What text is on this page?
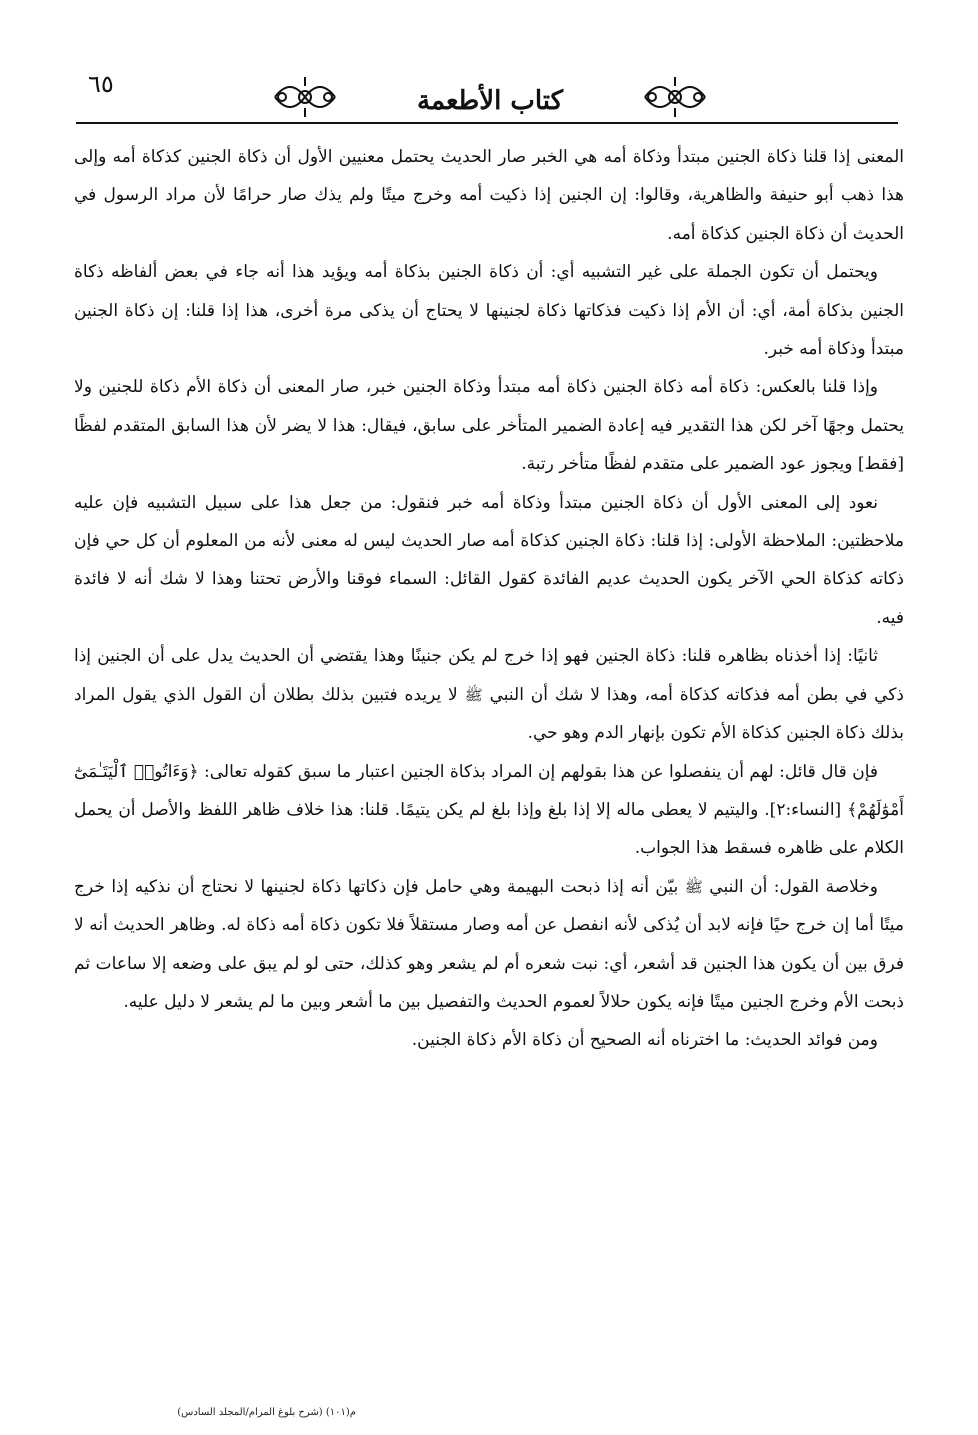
٦٥
كتاب الأطعمة

المعنى إذا قلنا ذكاة الجنين مبتدأ وذكاة أمه هي الخبر صار الحديث يحتمل معنيين الأول أن ذكاة الجنين كذكاة أمه وإلى هذا ذهب أبو حنيفة والظاهرية، وقالوا: إن الجنين إذا ذكيت أمه وخرج ميتًا ولم يذك صار حرامًا لأن مراد الرسول في الحديث أن ذكاة الجنين كذكاة أمه.

ويحتمل أن تكون الجملة على غير التشبيه أي: أن ذكاة الجنين بذكاة أمه ويؤيد هذا أنه جاء في بعض ألفاظه ذكاة الجنين بذكاة أمة، أي: أن الأم إذا ذكيت فذكاتها ذكاة لجنينها لا يحتاج أن يذكى مرة أخرى، هذا إذا قلنا: إن ذكاة الجنين مبتدأ وذكاة أمه خبر.

وإذا قلنا بالعكس: ذكاة أمه ذكاة الجنين ذكاة أمه مبتدأ وذكاة الجنين خبر، صار المعنى أن ذكاة الأم ذكاة للجنين ولا يحتمل وجهًا آخر لكن هذا التقدير فيه إعادة الضمير المتأخر على سابق، فيقال: هذا لا يضر لأن هذا السابق المتقدم لفظًا [فقط] ويجوز عود الضمير على متقدم لفظًا متأخر رتبة.

نعود إلى المعنى الأول أن ذكاة الجنين مبتدأ وذكاة أمه خبر فنقول: من جعل هذا على سبيل التشبيه فإن عليه ملاحظتين: الملاحظة الأولى: إذا قلنا: ذكاة الجنين كذكاة أمه صار الحديث ليس له معنى لأنه من المعلوم أن كل حي فإن ذكاته كذكاة الحي الآخر يكون الحديث عديم الفائدة كقول القائل: السماء فوقنا والأرض تحتنا وهذا لا شك أنه لا فائدة فيه.

ثانيًا: إذا أخذناه بظاهره قلنا: ذكاة الجنين فهو إذا خرج لم يكن جنينًا وهذا يقتضي أن الحديث يدل على أن الجنين إذا ذكي في بطن أمه فذكاته كذكاة أمه، وهذا لا شك أن النبي ﷺ لا يريده فتبين بذلك بطلان أن القول الذي يقول المراد بذلك ذكاة الجنين كذكاة الأم تكون بإنهار الدم وهو حي.

فإن قال قائل: لهم أن ينفصلوا عن هذا بقولهم إن المراد بذكاة الجنين اعتبار ما سبق كقوله تعالى: ﴿وَءَاتُوا۟ ٱلْيَتَـٰمَىٰٓ أَمْوَٰلَهُمْ﴾ [النساء:٢]. واليتيم لا يعطى ماله إلا إذا بلغ وإذا بلغ لم يكن يتيمًا. قلنا: هذا خلاف ظاهر اللفظ والأصل أن يحمل الكلام على ظاهره فسقط هذا الجواب.

وخلاصة القول: أن النبي ﷺ بيّن أنه إذا ذبحت البهيمة وهي حامل فإن ذكاتها ذكاة لجنينها لا نحتاج أن نذكيه إذا خرج ميتًا أما إن خرج حيًا فإنه لابد أن يُذكى لأنه انفصل عن أمه وصار مستقلاً فلا تكون ذكاة أمه ذكاة له. وظاهر الحديث أنه لا فرق بين أن يكون هذا الجنين قد أشعر، أي: نبت شعره أم لم يشعر وهو كذلك، حتى لو لم يبق على وضعه إلا ساعات ثم ذبحت الأم وخرج الجنين ميتًا فإنه يكون حلالاً لعموم الحديث والتفصيل بين ما أشعر وبين ما لم يشعر لا دليل عليه.

ومن فوائد الحديث: ما اخترناه أنه الصحيح أن ذكاة الأم ذكاة الجنين.

م(١٠١) (شرح بلوغ المرام/المجلد السادس)
